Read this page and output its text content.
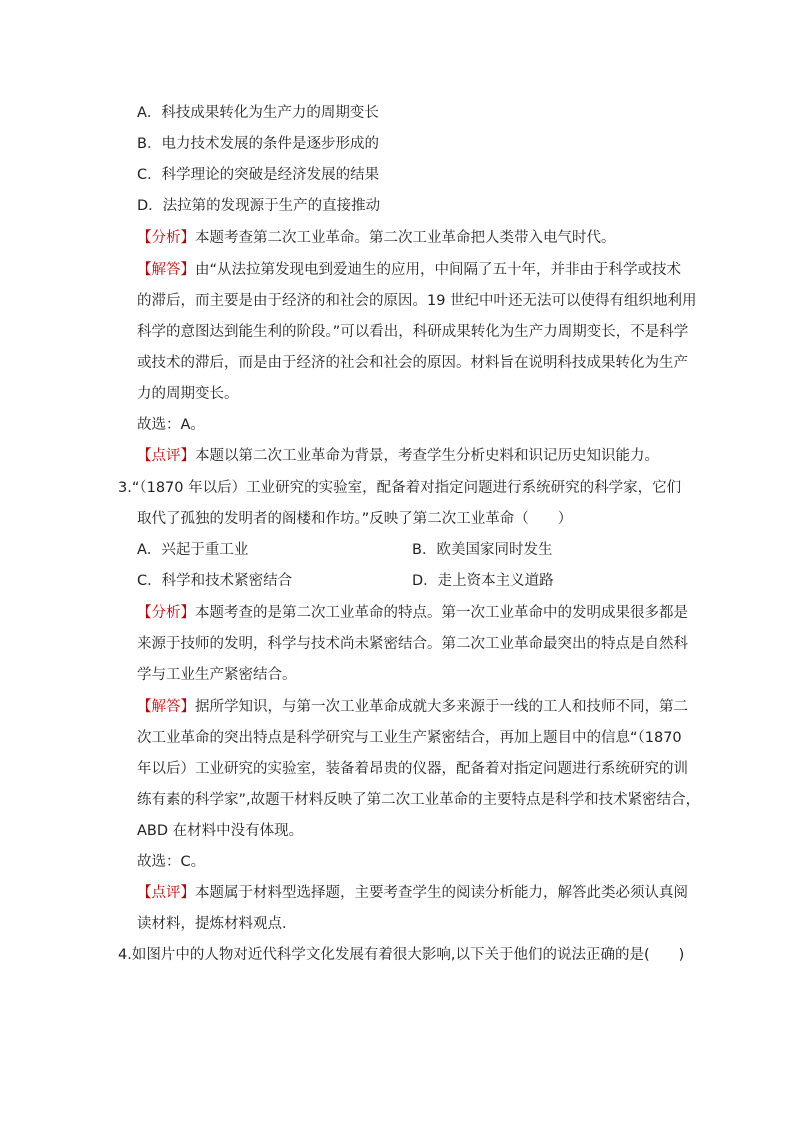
A．科技成果转化为生产力的周期变长
B．电力技术发展的条件是逐步形成的
C．科学理论的突破是经济发展的结果
D．法拉第的发现源于生产的直接推动
【分析】本题考查第二次工业革命。第二次工业革命把人类带入电气时代。
【解答】由“从法拉第发现电到爱迪生的应用，中间隔了五十年，并非由于科学或技术
的滞后，而主要是由于经济的和社会的原因。19 世纪中叶还无法可以使得有组织地利用
科学的意图达到能生利的阶段。”可以看出，科研成果转化为生产力周期变长，不是科学
或技术的滞后，而是由于经济的社会和社会的原因。材料旨在说明科技成果转化为生产
力的周期变长。
故选：A。
【点评】本题以第二次工业革命为背景，考查学生分析史料和识记历史知识能力。
3.“（1870 年以后）工业研究的实验室，配备着对指定问题进行系统研究的科学家，它们
取代了孤独的发明者的阁楼和作坊。”反映了第二次工业革命（　　）
A．兴起于重工业	B．欧美国家同时发生
C．科学和技术紧密结合	D．走上资本主义道路
【分析】本题考查的是第二次工业革命的特点。第一次工业革命中的发明成果很多都是
来源于技师的发明，科学与技术尚未紧密结合。第二次工业革命最突出的特点是自然科
学与工业生产紧密结合。
【解答】据所学知识，与第一次工业革命成就大多来源于一线的工人和技师不同，第二
次工业革命的突出特点是科学研究与工业生产紧密结合，再加上题目中的信息“（1870
年以后）工业研究的实验室，装备着昂贵的仪器，配备着对指定问题进行系统研究的训
练有素的科学家”,故题干材料反映了第二次工业革命的主要特点是科学和技术紧密结合，
ABD 在材料中没有体现。
故选：C。
【点评】本题属于材料型选择题，主要考查学生的阅读分析能力，解答此类必须认真阅
读材料，提炼材料观点.
4.如图片中的人物对近代科学文化发展有着很大影响,以下关于他们的说法正确的是(　　)
